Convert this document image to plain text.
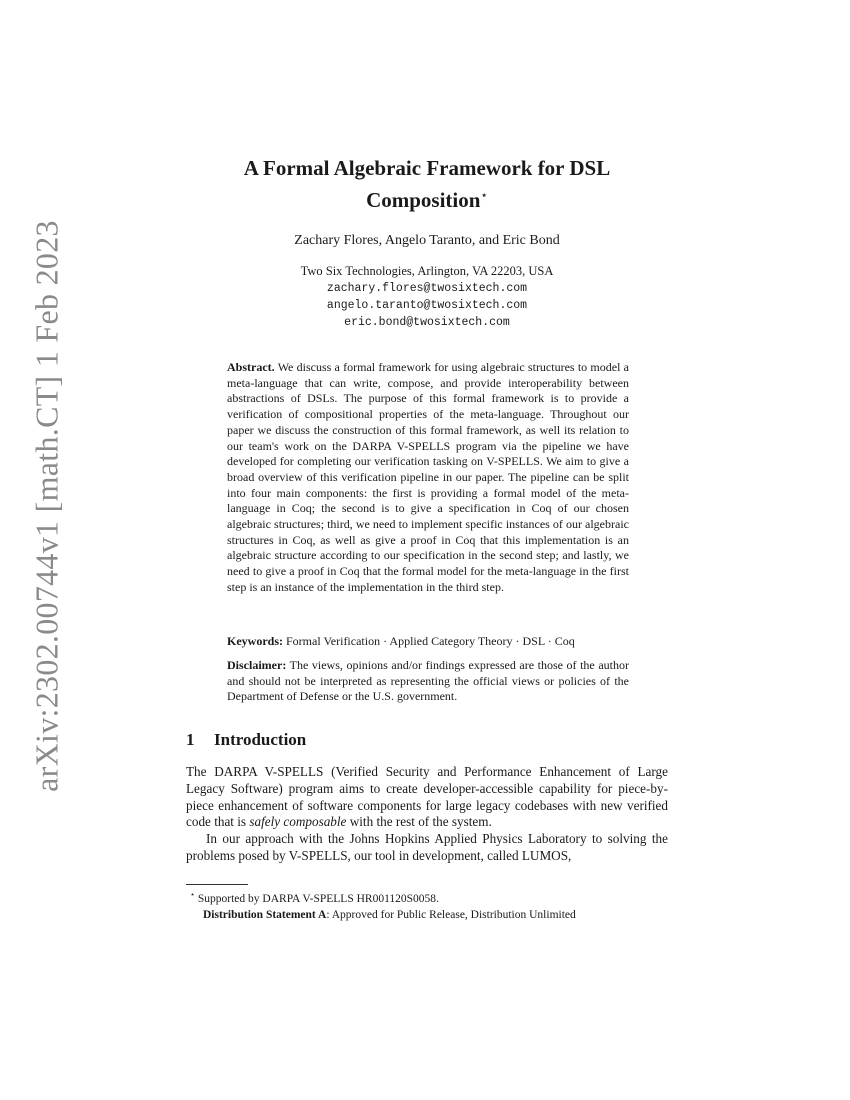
arXiv:2302.00744v1 [math.CT] 1 Feb 2023
A Formal Algebraic Framework for DSL
Composition⋆
Zachary Flores, Angelo Taranto, and Eric Bond
Two Six Technologies, Arlington, VA 22203, USA
zachary.flores@twosixtech.com
angelo.taranto@twosixtech.com
eric.bond@twosixtech.com

Abstract. We discuss a formal framework for using algebraic structures to model a meta-language that can write, compose, and provide interoperability between abstractions of DSLs. The purpose of this formal framework is to provide a verification of compositional properties of the meta-language. Throughout our paper we discuss the construction of this formal framework, as well its relation to our team's work on the DARPA V-SPELLS program via the pipeline we have developed for completing our verification tasking on V-SPELLS. We aim to give a broad overview of this verification pipeline in our paper. The pipeline can be split into four main components: the first is providing a formal model of the meta-language in Coq; the second is to give a specification in Coq of our chosen algebraic structures; third, we need to implement specific instances of our algebraic structures in Coq, as well as give a proof in Coq that this implementation is an algebraic structure according to our specification in the second step; and lastly, we need to give a proof in Coq that the formal model for the meta-language in the first step is an instance of the implementation in the third step.

Keywords: Formal Verification · Applied Category Theory · DSL · Coq
Disclaimer: The views, opinions and/or findings expressed are those of the author and should not be interpreted as representing the official views or policies of the Department of Defense or the U.S. government.
1 Introduction

The DARPA V-SPELLS (Verified Security and Performance Enhancement of Large Legacy Software) program aims to create developer-accessible capability for piece-by-piece enhancement of software components for large legacy codebases with new verified code that is safely composable with the rest of the system.

In our approach with the Johns Hopkins Applied Physics Laboratory to solving the problems posed by V-SPELLS, our tool in development, called LUMOS,

⋆ Supported by DARPA V-SPELLS HR001120S0058.
Distribution Statement A: Approved for Public Release, Distribution Unlimited
